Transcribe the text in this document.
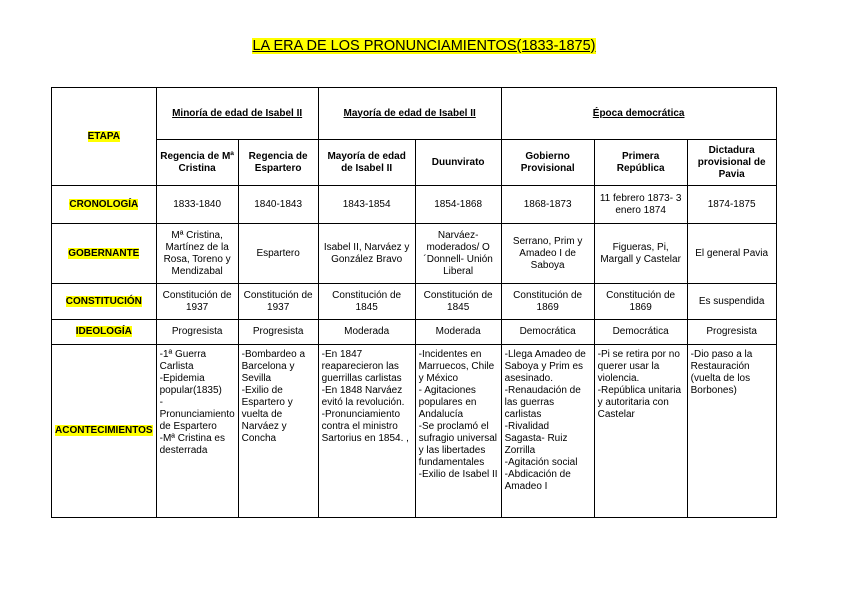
LA ERA DE LOS PRONUNCIAMIENTOS(1833-1875)
ETAPA	Minoría de edad de Isabel II		Mayoría de edad de Isabel II		Época democrática		
	Regencia de Mª Cristina	Regencia de Espartero	Mayoría de edad de Isabel II	Duunvirato	Gobierno Provisional	Primera República	Dictadura provisional de Pavia
CRONOLOGÍA	1833-1840	1840-1843	1843-1854	1854-1868	1868-1873	11 febrero 1873- 3 enero 1874	1874-1875
GOBERNANTE	Mª Cristina, Martínez de la Rosa, Toreno y Mendizabal	Espartero	Isabel II, Narváez y González Bravo	Narváez- moderados/ O´Donnell- Unión Liberal	Serrano, Prim y Amadeo I de Saboya	Figueras, Pi, Margall y Castelar	El general Pavia
CONSTITUCIÓN	Constitución de 1937	Constitución de 1937	Constitución de 1845	Constitución de 1845	Constitución de 1869	Constitución de 1869	Es suspendida
IDEOLOGÍA	Progresista	Progresista	Moderada	Moderada	Democrática	Democrática	Progresista
ACONTECIMIENTOS	-1ª Guerra Carlista
-Epidemia popular(1835)
-Pronunciamiento de Espartero
-Mª Cristina es desterrada	-Bombardeo a Barcelona y Sevilla
-Exilio de Espartero y vuelta de Narváez y Concha	-En 1847 reaparecieron las guerrillas carlistas
-En 1848 Narváez evitó la revolución.
-Pronunciamiento contra el ministro Sartorius en 1854. ,	-Incidentes en Marruecos, Chile y México
- Agitaciones populares en Andalucía
-Se proclamó el sufragio universal y las libertades fundamentales
-Exilio de Isabel II	-Llega Amadeo de Saboya y Prim es asesinado.
-Renaudación de las guerras carlistas
-Rivalidad Sagasta- Ruiz Zorrilla
-Agitación social
-Abdicación de Amadeo I	-Pi se retira por no querer usar la violencia.
-República unitaria y autoritaria con Castelar	-Dio paso a la Restauración (vuelta de los Borbones)
